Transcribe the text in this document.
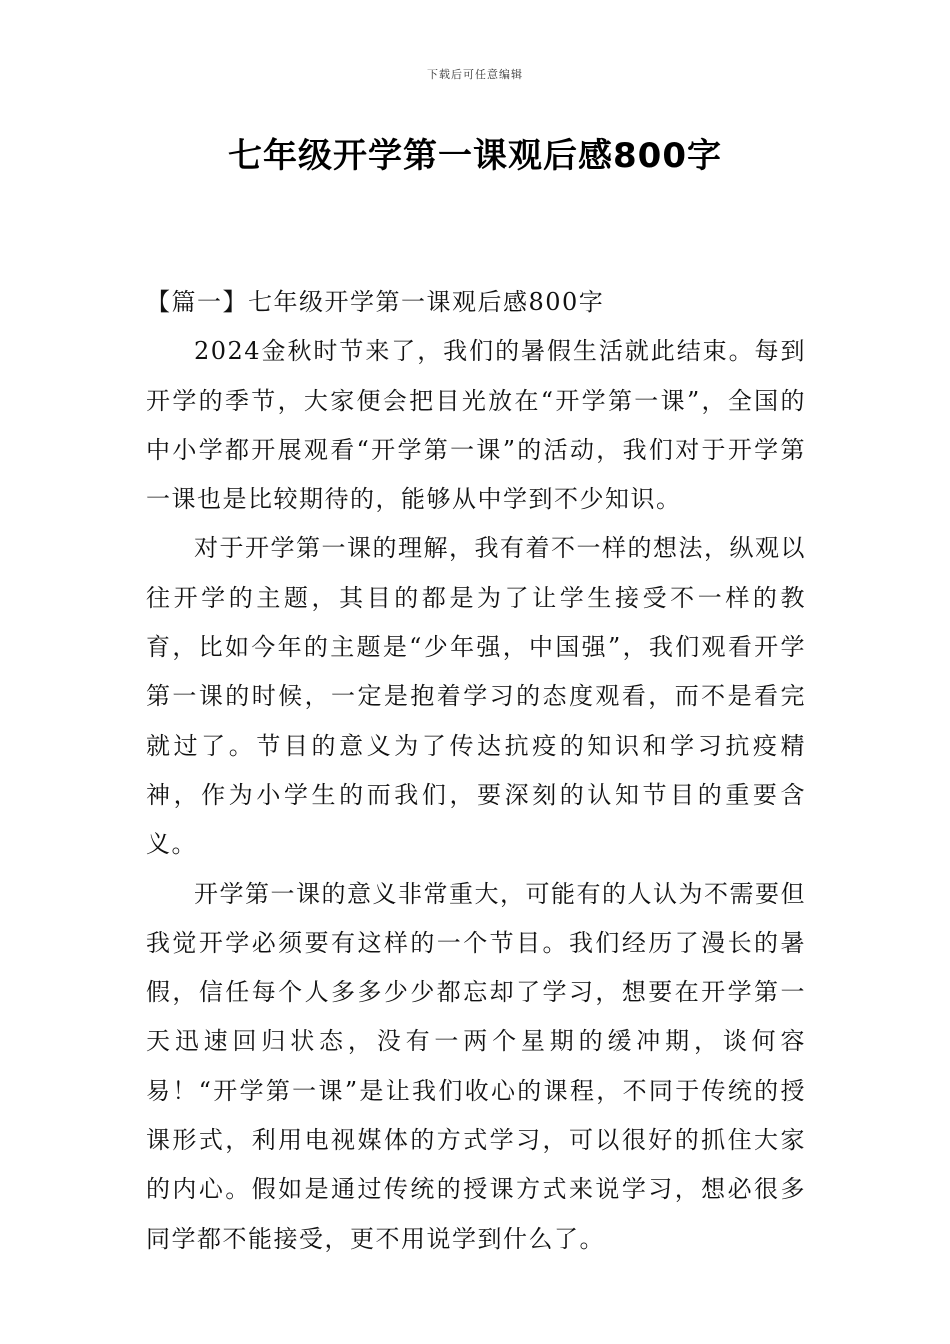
下载后可任意编辑
七年级开学第一课观后感800字

【篇一】七年级开学第一课观后感800字

2024金秋时节来了，我们的暑假生活就此结束。每到开学的季节，大家便会把目光放在“开学第一课”，全国的中小学都开展观看“开学第一课”的活动，我们对于开学第一课也是比较期待的，能够从中学到不少知识。

对于开学第一课的理解，我有着不一样的想法，纵观以往开学的主题，其目的都是为了让学生接受不一样的教育，比如今年的主题是“少年强，中国强”，我们观看开学第一课的时候，一定是抱着学习的态度观看，而不是看完就过了。节目的意义为了传达抗疫的知识和学习抗疫精神，作为小学生的而我们，要深刻的认知节目的重要含义。

开学第一课的意义非常重大，可能有的人认为不需要但我觉开学必须要有这样的一个节目。我们经历了漫长的暑假，信任每个人多多少少都忘却了学习，想要在开学第一天迅速回归状态，没有一两个星期的缓冲期，谈何容易！“开学第一课”是让我们收心的课程，不同于传统的授课形式，利用电视媒体的方式学习，可以很好的抓住大家的内心。假如是通过传统的授课方式来说学习，想必很多同学都不能接受，更不用说学到什么了。
